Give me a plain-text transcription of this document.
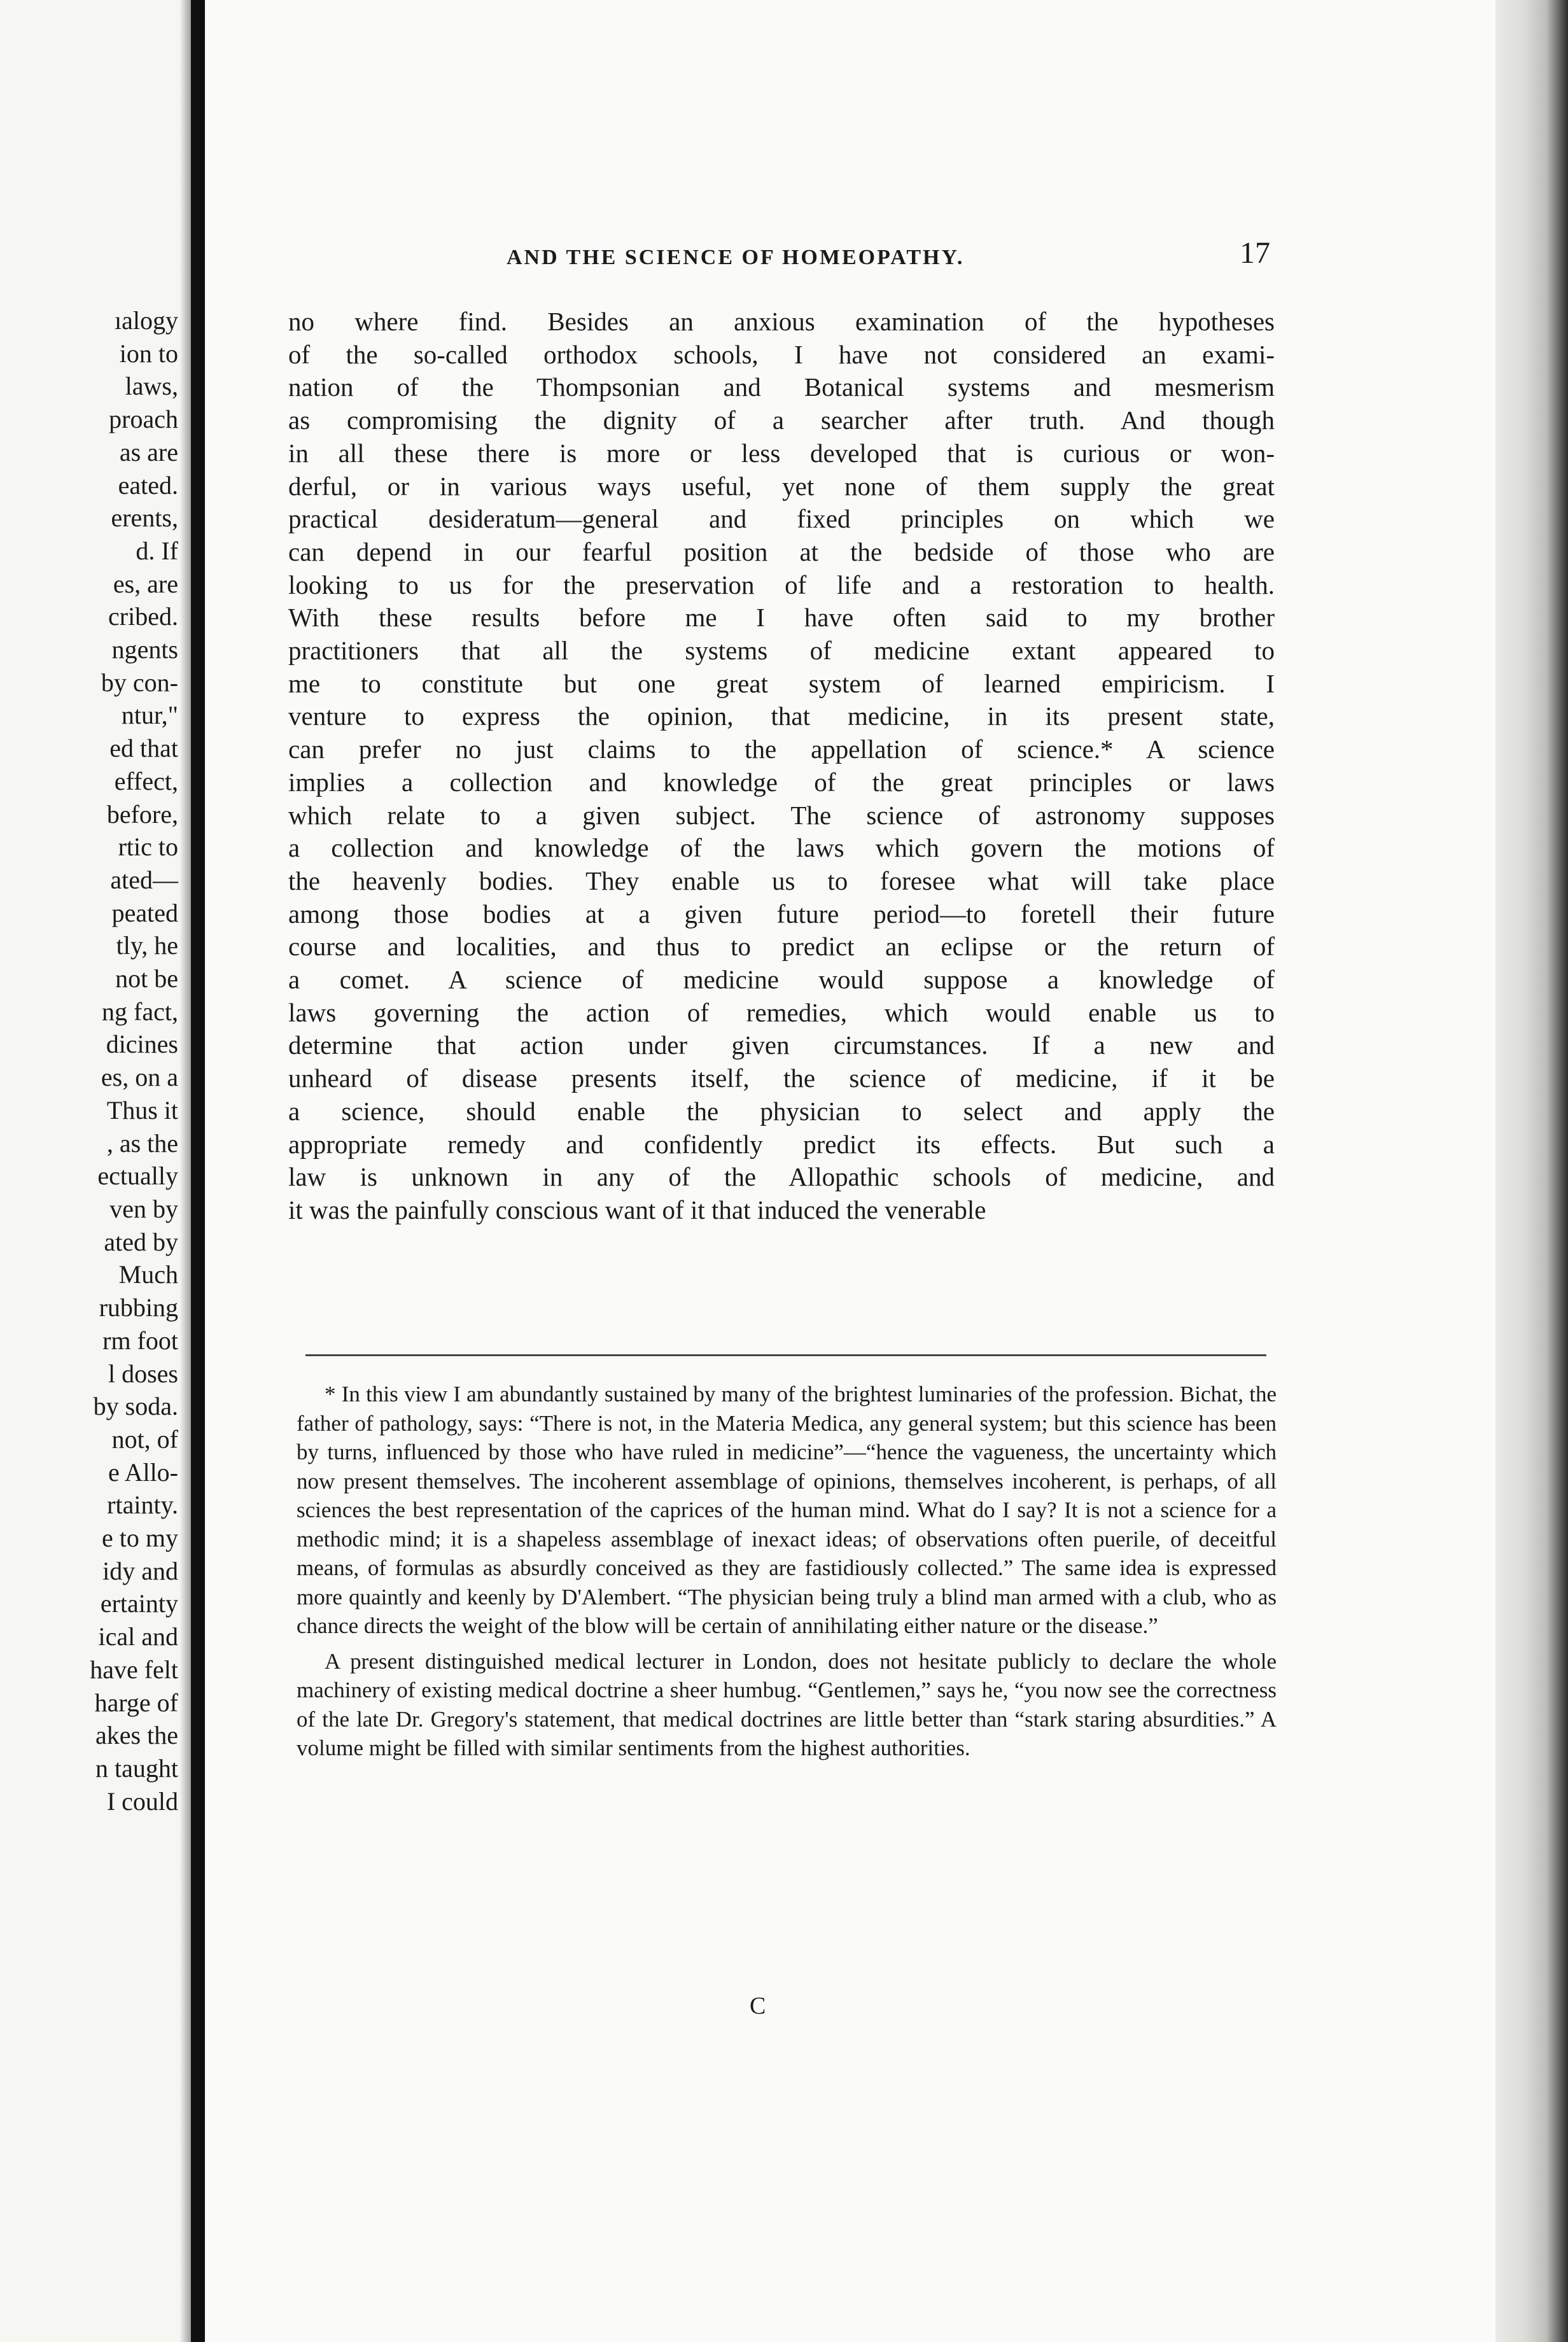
ıalogy
ion to
laws,
proach
as are
eated.
erents,
d. If
es, are
cribed.
ngents
by con-
ntur,"
ed that
effect,
before,
rtic to
ated—
peated
tly, he
not be
ng fact,
dicines
es, on a
Thus it
, as the
ectually
ven by
ated by
Much
rubbing
rm foot
l doses
by soda.
not, of
e Allo-
rtainty.
e to my
idy and
ertainty
ical and
have felt
harge of
akes the
n taught
I could
AND THE SCIENCE OF HOMEOPATHY.	17
no where find. Besides an anxious examination of the hypotheses
of the so-called orthodox schools, I have not considered an exami-
nation of the Thompsonian and Botanical systems and mesmerism
as compromising the dignity of a searcher after truth. And though
in all these there is more or less developed that is curious or won-
derful, or in various ways useful, yet none of them supply the great
practical desideratum—general and fixed principles on which we
can depend in our fearful position at the bedside of those who are
looking to us for the preservation of life and a restoration to health.
With these results before me I have often said to my brother
practitioners that all the systems of medicine extant appeared to
me to constitute but one great system of learned empiricism. I
venture to express the opinion, that medicine, in its present state,
can prefer no just claims to the appellation of science.* A science
implies a collection and knowledge of the great principles or laws
which relate to a given subject. The science of astronomy supposes
a collection and knowledge of the laws which govern the motions of
the heavenly bodies. They enable us to foresee what will take place
among those bodies at a given future period—to foretell their future
course and localities, and thus to predict an eclipse or the return of
a comet. A science of medicine would suppose a knowledge of
laws governing the action of remedies, which would enable us to
determine that action under given circumstances. If a new and
unheard of disease presents itself, the science of medicine, if it be
a science, should enable the physician to select and apply the
appropriate remedy and confidently predict its effects. But such a
law is unknown in any of the Allopathic schools of medicine, and
it was the painfully conscious want of it that induced the venerable

* In this view I am abundantly sustained by many of the brightest luminaries of the profession. Bichat, the father of pathology, says: “There is not, in the Materia Medica, any general system; but this science has been by turns, influenced by those who have ruled in medicine”—“hence the vagueness, the uncertainty which now present themselves. The incoherent assemblage of opinions, themselves incoherent, is perhaps, of all sciences the best representation of the caprices of the human mind. What do I say? It is not a science for a methodic mind; it is a shapeless assemblage of inexact ideas; of observations often puerile, of deceitful means, of formulas as absurdly conceived as they are fastidiously collected.” The same idea is expressed more quaintly and keenly by D'Alembert. “The physician being truly a blind man armed with a club, who as chance directs the weight of the blow will be certain of annihilating either nature or the disease.”

A present distinguished medical lecturer in London, does not hesitate publicly to declare the whole machinery of existing medical doctrine a sheer humbug. “Gentlemen,” says he, “you now see the correctness of the late Dr. Gregory's statement, that medical doctrines are little better than “stark staring absurdities.” A volume might be filled with similar sentiments from the highest authorities.

C
